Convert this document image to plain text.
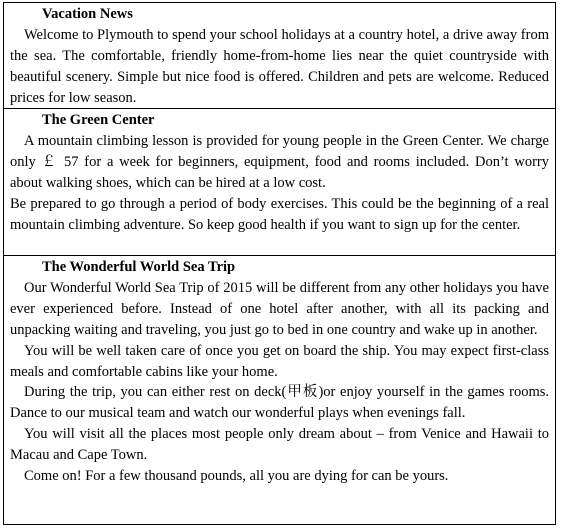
Vacation News

Welcome to Plymouth to spend your school holidays at a country hotel, a drive away from the sea. The comfortable, friendly home-from-home lies near the quiet countryside with beautiful scenery. Simple but nice food is offered. Children and pets are welcome. Reduced prices for low season.

The Green Center

A mountain climbing lesson is provided for young people in the Green Center. We charge only ￡ 57 for a week for beginners, equipment, food and rooms included. Don’t worry about walking shoes, which can be hired at a low cost.

Be prepared to go through a period of body exercises. This could be the beginning of a real mountain climbing adventure. So keep good health if you want to sign up for the center.

The Wonderful World Sea Trip

Our Wonderful World Sea Trip of 2015 will be different from any other holidays you have ever experienced before. Instead of one hotel after another, with all its packing and unpacking waiting and traveling, you just go to bed in one country and wake up in another.

You will be well taken care of once you get on board the ship. You may expect first-class meals and comfortable cabins like your home.

During the trip, you can either rest on deck(甲板)or enjoy yourself in the games rooms. Dance to our musical team and watch our wonderful plays when evenings fall.

You will visit all the places most people only dream about – from Venice and Hawaii to Macau and Cape Town.

Come on! For a few thousand pounds, all you are dying for can be yours.
